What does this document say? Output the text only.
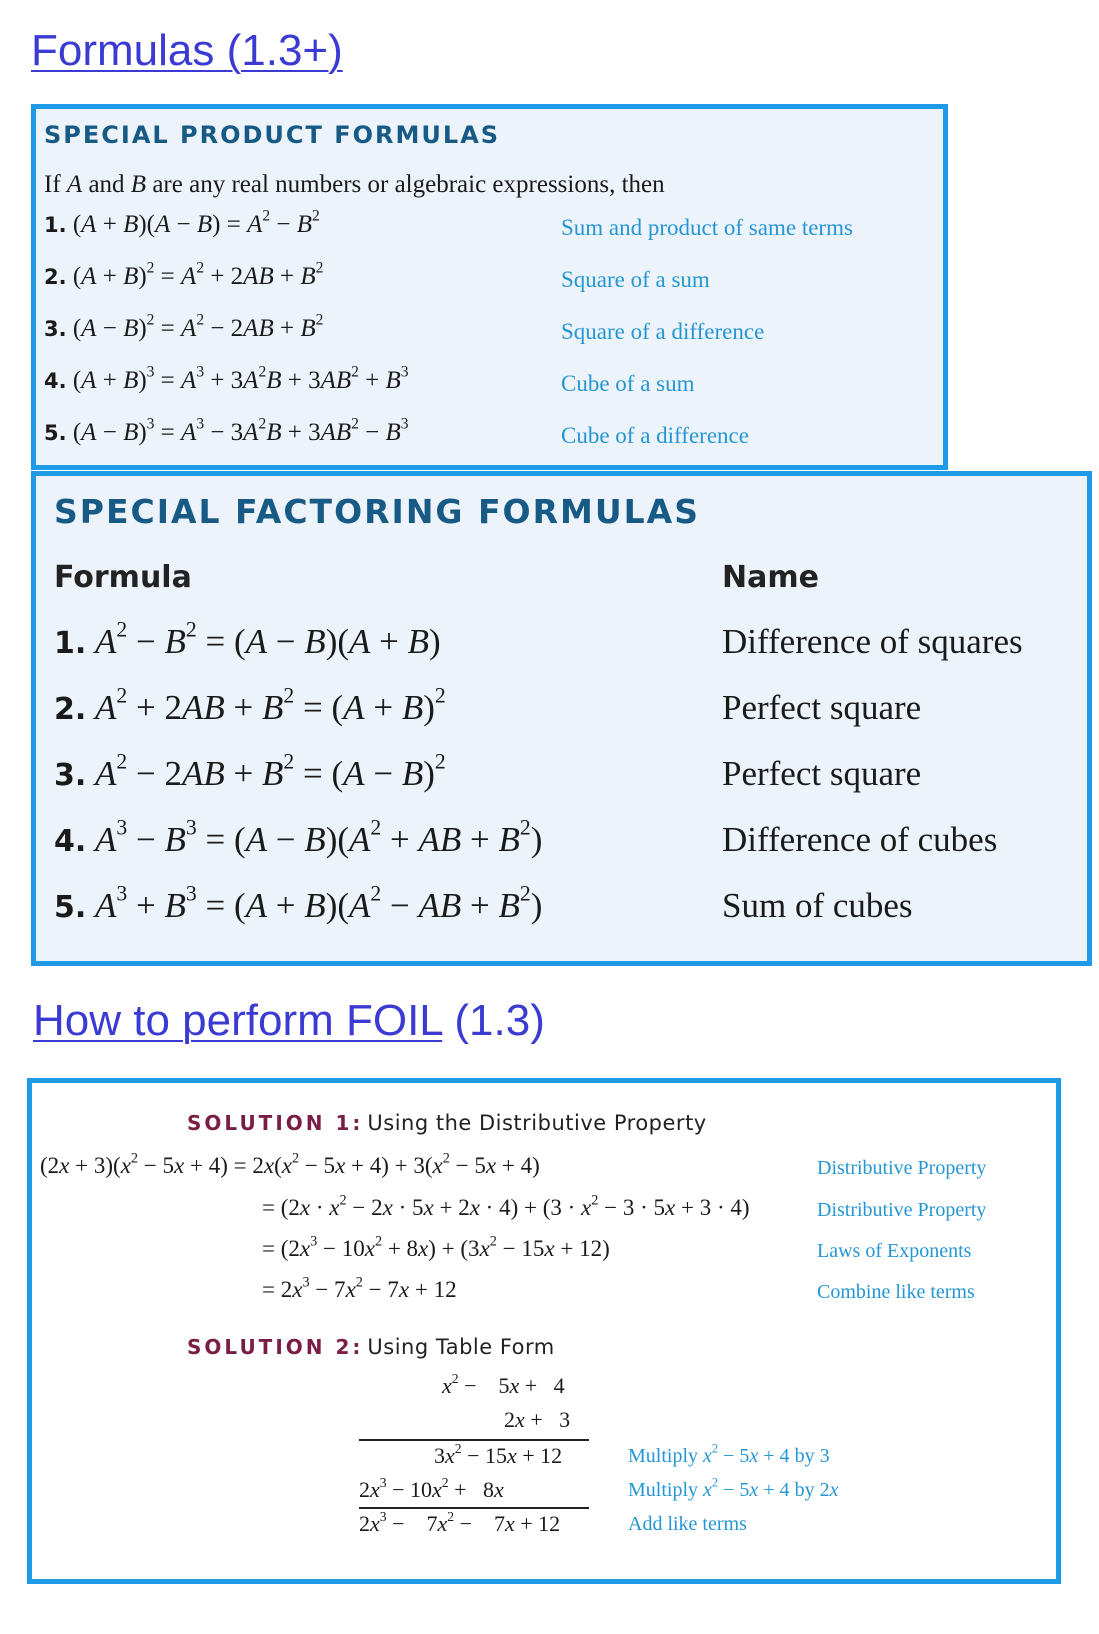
Formulas (1.3+)
SPECIAL PRODUCT FORMULAS
If A and B are any real numbers or algebraic expressions, then
1. $(A + B)(A - B) = A^2 - B^2$	Sum and product of same terms
2. $(A + B)^2 = A^2 + 2AB + B^2$	Square of a sum
3. $(A - B)^2 = A^2 - 2AB + B^2$	Square of a difference
4. $(A + B)^3 = A^3 + 3A^2B + 3AB^2 + B^3$	Cube of a sum
5. $(A - B)^3 = A^3 - 3A^2B + 3AB^2 - B^3$	Cube of a difference
SPECIAL FACTORING FORMULAS
Formula	Name
1. $A^2 - B^2 = (A - B)(A + B)$	Difference of squares
2. $A^2 + 2AB + B^2 = (A + B)^2$	Perfect square
3. $A^2 - 2AB + B^2 = (A - B)^2$	Perfect square
4. $A^3 - B^3 = (A - B)(A^2$ + AB + $B^2$)	Difference of cubes
5. $A^3 + B^3 = (A + B)(A^2$ − AB + $B^2$)	Sum of cubes
How to perform FOIL (1.3)
SOLUTION 1: Using the Distributive Property
$(2x + 3)(x^2 - 5x + 4) = 2x(x^2 - 5x + 4) + 3(x^2 - 5x + 4)$	Distributive Property
= $(2x \cdot x^2 - 2x \cdot 5x + 2x \cdot 4) + (3 \cdot x^2 - 3 \cdot 5x + 3 \cdot 4)$	Distributive Property
= $(2x^3 - 10x^2 + 8x) + (3x^2 - 15x + 12)$	Laws of Exponents
= $2x^3 - 7x^2 - 7x + 12$	Combine like terms
SOLUTION 2: Using Table Form
$x^2$ −    5x +   4
2x +   3
$3x^2 - 15x + 12$	Multiply $x^2 - 5x + 4$ by 3
$2x^3 - 10x^2 + 8x$	Multiply $x^2 - 5x + 4$ by 2x
$2x^3$ −    $7x^2$ −    7x + 12	Add like terms
